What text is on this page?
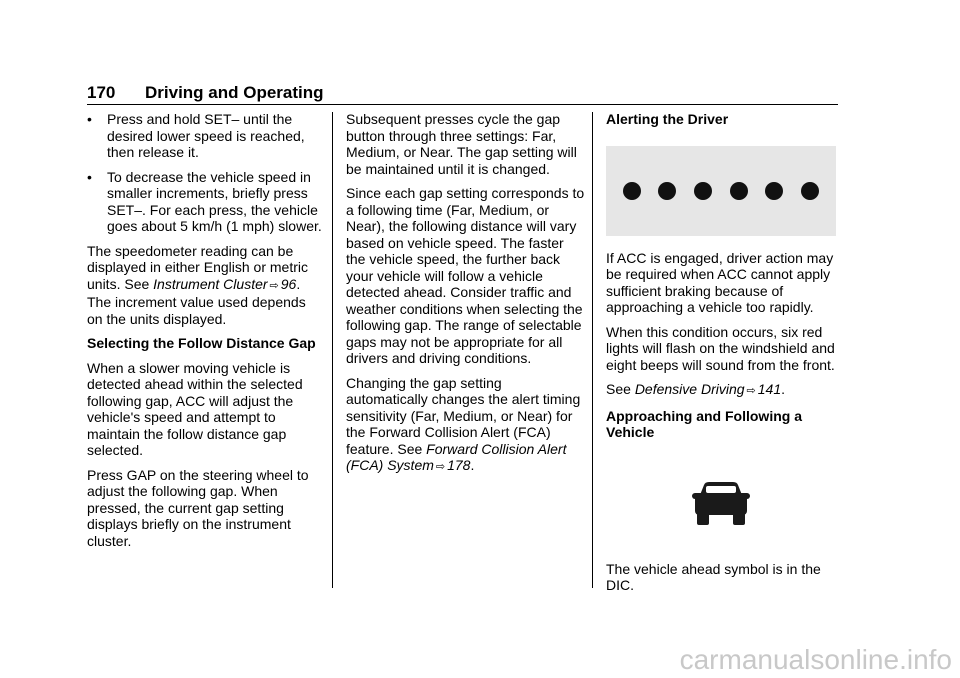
170 Driving and Operating
•	Press and hold SET– until the desired lower speed is reached, then release it.
•	To decrease the vehicle speed in smaller increments, briefly press SET–. For each press, the vehicle goes about 5 km/h (1 mph) slower.

The speedometer reading can be displayed in either English or metric units. See Instrument Cluster ⇨ 96. The increment value used depends on the units displayed.

Selecting the Follow Distance Gap

When a slower moving vehicle is detected ahead within the selected following gap, ACC will adjust the vehicle's speed and attempt to maintain the follow distance gap selected.

Press GAP on the steering wheel to adjust the following gap. When pressed, the current gap setting displays briefly on the instrument cluster.

Subsequent presses cycle the gap button through three settings: Far, Medium, or Near. The gap setting will be maintained until it is changed.

Since each gap setting corresponds to a following time (Far, Medium, or Near), the following distance will vary based on vehicle speed. The faster the vehicle speed, the further back your vehicle will follow a vehicle detected ahead. Consider traffic and weather conditions when selecting the following gap. The range of selectable gaps may not be appropriate for all drivers and driving conditions.

Changing the gap setting automatically changes the alert timing sensitivity (Far, Medium, or Near) for the Forward Collision Alert (FCA) feature. See Forward Collision Alert (FCA) System ⇨ 178.

Alerting the Driver

If ACC is engaged, driver action may be required when ACC cannot apply sufficient braking because of approaching a vehicle too rapidly.

When this condition occurs, six red lights will flash on the windshield and eight beeps will sound from the front.

See Defensive Driving ⇨ 141.

Approaching and Following a Vehicle

The vehicle ahead symbol is in the DIC.

carmanualsonline.info
